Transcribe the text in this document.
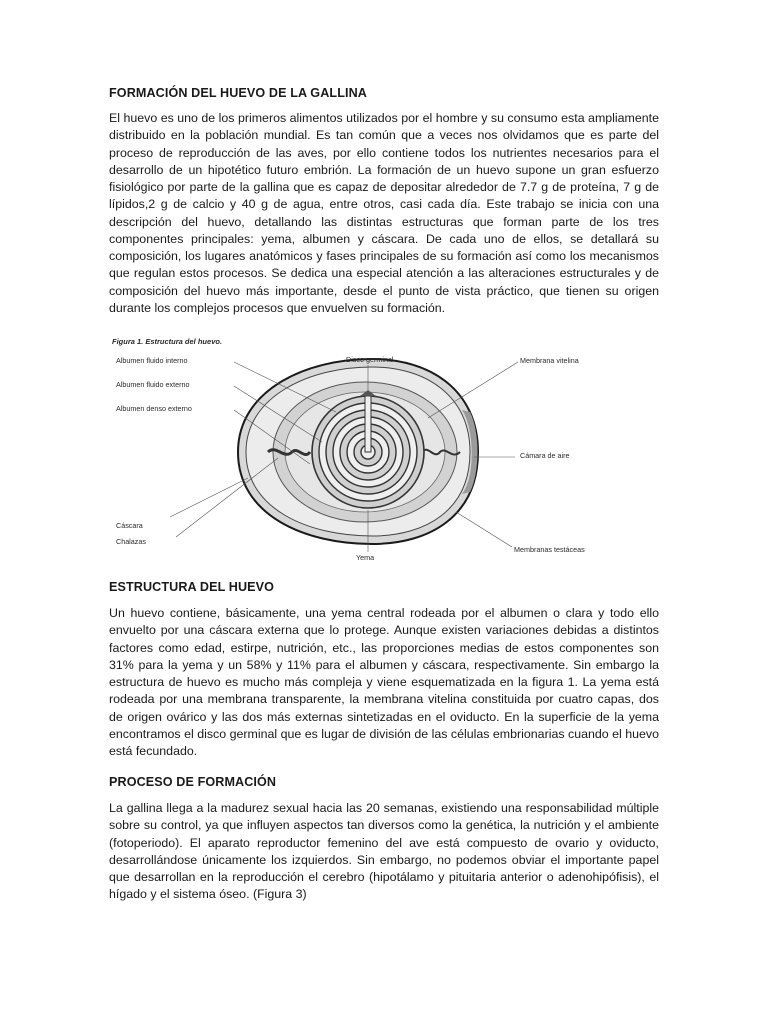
FORMACIÓN DEL HUEVO DE LA GALLINA

El huevo es uno de los primeros alimentos utilizados por el hombre y su consumo esta ampliamente distribuido en la población mundial. Es tan común que a veces nos olvidamos que es parte del proceso de reproducción de las aves, por ello contiene todos los nutrientes necesarios para el desarrollo de un hipotético futuro embrión. La formación de un huevo supone un gran esfuerzo fisiológico por parte de la gallina que es capaz de depositar alrededor de 7.7 g de proteína, 7 g de lípidos,2 g de calcio y 40 g de agua, entre otros, casi cada día. Este trabajo se inicia con una descripción del huevo, detallando las distintas estructuras que forman parte de los tres componentes principales: yema, albumen y cáscara. De cada uno de ellos, se detallará su composición, los lugares anatómicos y fases principales de su formación así como los mecanismos que regulan estos procesos. Se dedica una especial atención a las alteraciones estructurales y de composición del huevo más importante, desde el punto de vista práctico, que tienen su origen durante los complejos procesos que envuelven su formación.

Figura 1. Estructura del huevo.
Albumen fluido interno
Albumen fluido externo
Albumen denso externo
Cáscara
Chalazas
Disco germinal
Yema
Membrana vitelina
Cámara de aire
Membranas testáceas
ESTRUCTURA DEL HUEVO

Un huevo contiene, básicamente, una yema central rodeada por el albumen o clara y todo ello envuelto por una cáscara externa que lo protege. Aunque existen variaciones debidas a distintos factores como edad, estirpe, nutrición, etc., las proporciones medias de estos componentes son 31% para la yema y un 58% y 11% para el albumen y cáscara, respectivamente. Sin embargo la estructura de huevo es mucho más compleja y viene esquematizada en la figura 1. La yema está rodeada por una membrana transparente, la membrana vitelina constituida por cuatro capas, dos de origen ovárico y las dos más externas sintetizadas en el oviducto. En la superficie de la yema encontramos el disco germinal que es lugar de división de las células embrionarias cuando el huevo está fecundado.

PROCESO DE FORMACIÓN

La gallina llega a la madurez sexual hacia las 20 semanas, existiendo una responsabilidad múltiple sobre su control, ya que influyen aspectos tan diversos como la genética, la nutrición y el ambiente (fotoperiodo). El aparato reproductor femenino del ave está compuesto de ovario y oviducto, desarrollándose únicamente los izquierdos. Sin embargo, no podemos obviar el importante papel que desarrollan en la reproducción el cerebro (hipotálamo y pituitaria anterior o adenohipófisis), el hígado y el sistema óseo. (Figura 3)
